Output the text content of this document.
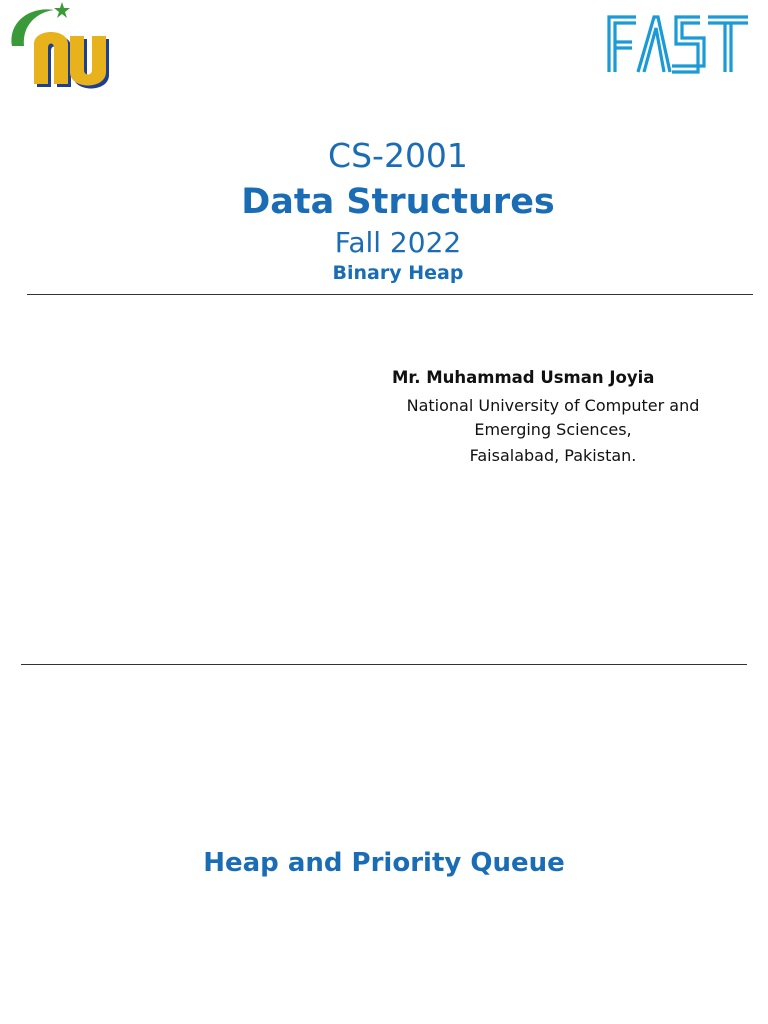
CS-2001
Data Structures
Fall 2022
Binary Heap
Mr. Muhammad Usman Joyia
National University of Computer and
Emerging Sciences,
Faisalabad, Pakistan.
Heap and Priority Queue
